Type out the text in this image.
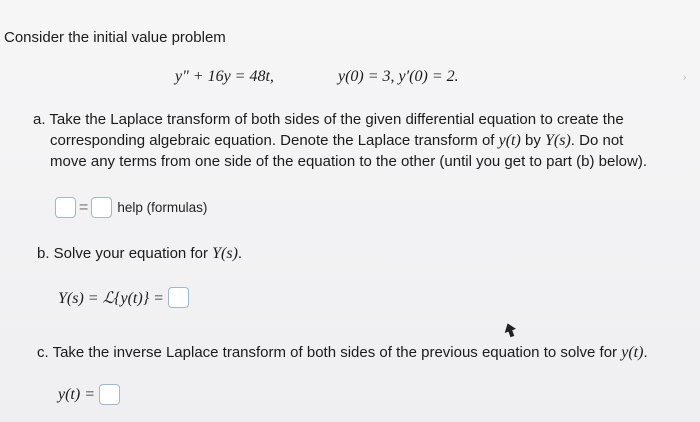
Consider the initial value problem
y″ + 16y = 48t,	y(0) = 3, y′(0) = 2.	›
a. Take the Laplace transform of both sides of the given differential equation to create the
corresponding algebraic equation. Denote the Laplace transform of y(t) by Y(s). Do not
move any terms from one side of the equation to the other (until you get to part (b) below).
= help (formulas)
b. Solve your equation for Y(s).
Y(s) = ℒ{y(t)} =
c. Take the inverse Laplace transform of both sides of the previous equation to solve for y(t).
y(t) =
